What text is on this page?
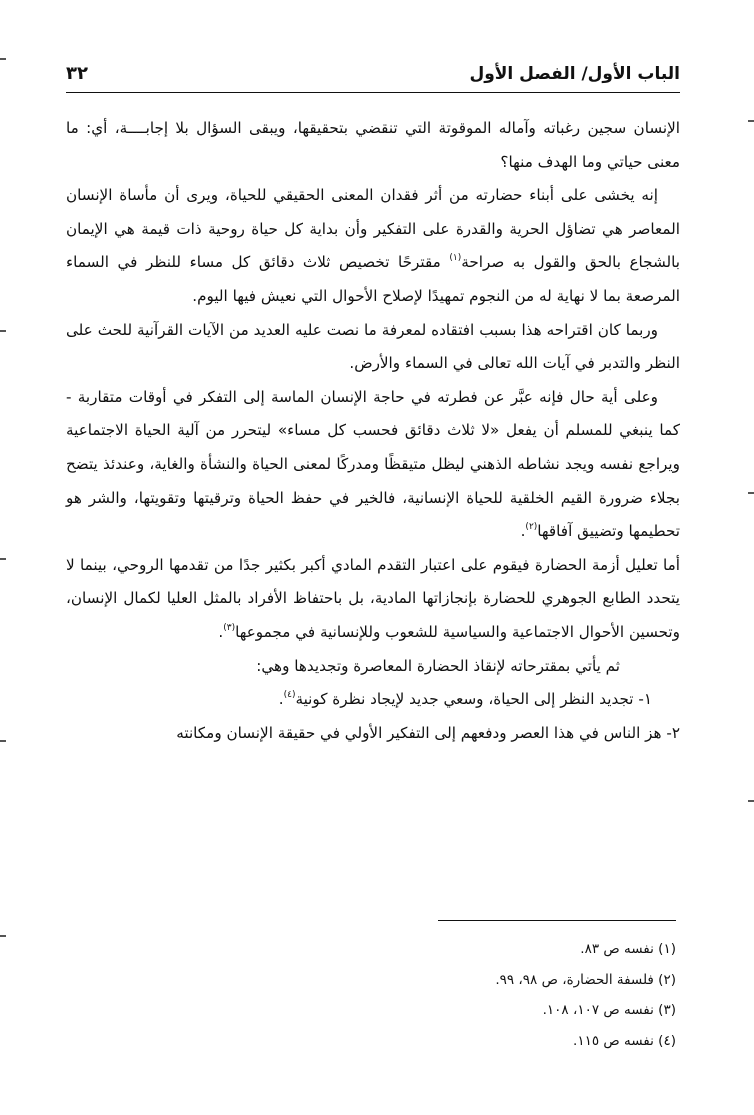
الباب الأول/ الفصل الأول
٣٢

الإنسان سجين رغباته وآماله الموقوتة التي تنقضي بتحقيقها، ويبقى السؤال بلا إجابــــة، أي: ما معنى حياتي وما الهدف منها؟

إنه يخشى على أبناء حضارته من أثر فقدان المعنى الحقيقي للحياة، ويرى أن مأساة الإنسان المعاصر هي تضاؤل الحرية والقدرة على التفكير وأن بداية كل حياة روحية ذات قيمة هي الإيمان بالشجاع بالحق والقول به صراحة$^{(١)}$ مقترحًا تخصيص ثلاث دقائق كل مساء للنظر في السماء المرصعة بما لا نهاية له من النجوم تمهيدًا لإصلاح الأحوال التي نعيش فيها اليوم.

وربما كان اقتراحه هذا بسبب افتقاده لمعرفة ما نصت عليه العديد من الآيات القرآنية للحث على النظر والتدبر في آيات الله تعالى في السماء والأرض.

وعلى أية حال فإنه عبَّر عن فطرته في حاجة الإنسان الماسة إلى التفكر في أوقات متقاربة - كما ينبغي للمسلم أن يفعل «لا ثلاث دقائق فحسب كل مساء» ليتحرر من آلية الحياة الاجتماعية ويراجع نفسه ويجد نشاطه الذهني ليظل متيقظًا ومدركًا لمعنى الحياة والنشأة والغاية، وعندئذ يتضح بجلاء ضرورة القيم الخلقية للحياة الإنسانية، فالخير في حفظ الحياة وترقيتها وتقويتها، والشر هو تحطيمها وتضييق آفاقها$^{(٢)}$.

أما تعليل أزمة الحضارة فيقوم على اعتبار التقدم المادي أكبر بكثير جدًا من تقدمها الروحي، بينما لا يتحدد الطابع الجوهري للحضارة بإنجازاتها المادية، بل باحتفاظ الأفراد بالمثل العليا لكمال الإنسان، وتحسين الأحوال الاجتماعية والسياسية للشعوب وللإنسانية في مجموعها$^{(٣)}$.

ثم يأتي بمقترحاته لإنقاذ الحضارة المعاصرة وتجديدها وهي:

١- تجديد النظر إلى الحياة، وسعي جديد لإيجاد نظرة كونية$^{(٤)}$.

٢- هز الناس في هذا العصر ودفعهم إلى التفكير الأولي في حقيقة الإنسان ومكانته

(١) نفسه ص ٨٣.
(٢) فلسفة الحضارة، ص ٩٨، ٩٩.
(٣) نفسه ص ١٠٧، ١٠٨.
(٤) نفسه ص ١١٥.
